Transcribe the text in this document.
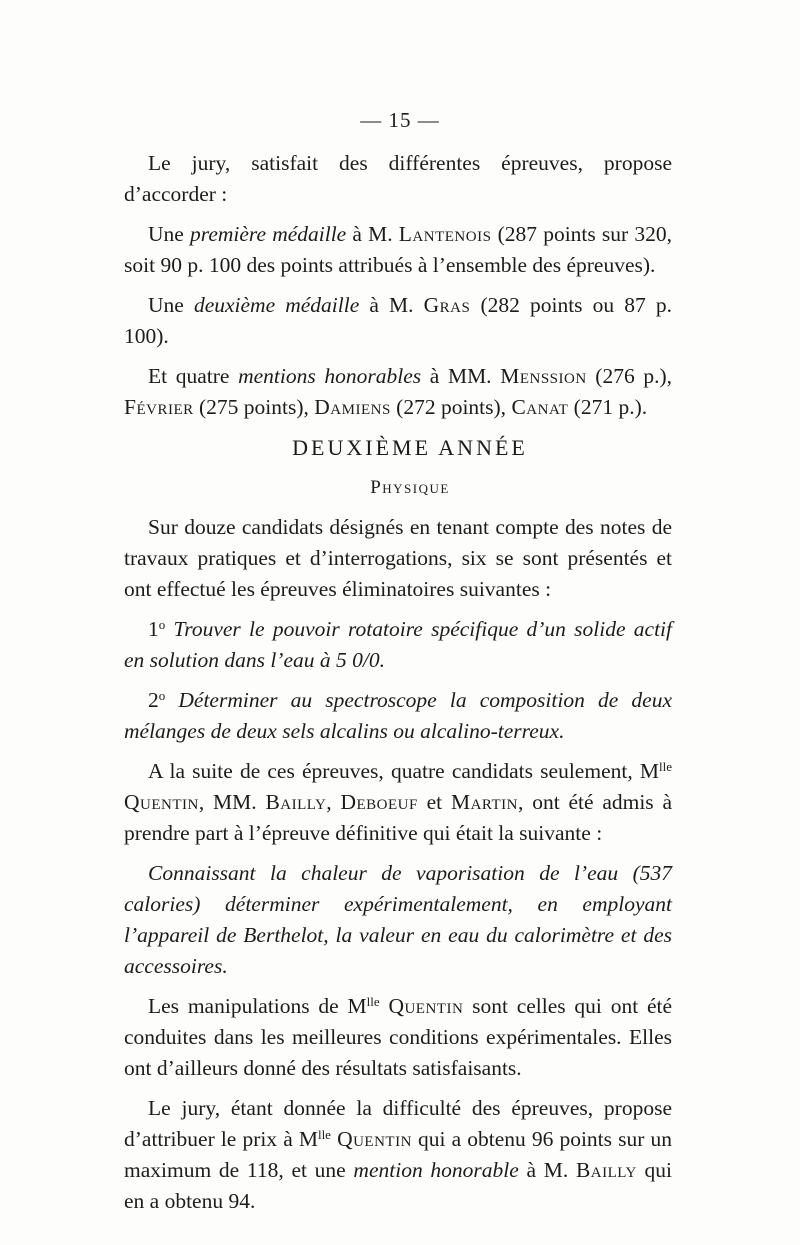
— 15 —

Le jury, satisfait des différentes épreuves, propose d’accorder :

Une première médaille à M. Lantenois (287 points sur 320, soit 90 p. 100 des points attribués à l’ensemble des épreuves).

Une deuxième médaille à M. Gras (282 points ou 87 p. 100).

Et quatre mentions honorables à MM. Menssion (276 p.), Février (275 points), Damiens (272 points), Canat (271 p.).

DEUXIÈME ANNÉE

Physique

Sur douze candidats désignés en tenant compte des notes de travaux pratiques et d’interrogations, six se sont présentés et ont effectué les épreuves éliminatoires suivantes :

1$^o$ Trouver le pouvoir rotatoire spécifique d’un solide actif en solution dans l’eau à 5 0/0.

2$^o$ Déterminer au spectroscope la composition de deux mélanges de deux sels alcalins ou alcalino-terreux.

A la suite de ces épreuves, quatre candidats seulement, $M^{lle}$ Quentin, MM. Bailly, Deboeuf et Martin, ont été admis à prendre part à l’épreuve définitive qui était la suivante :

Connaissant la chaleur de vaporisation de l’eau (537 calories) déterminer expérimentalement, en employant l’appareil de Berthelot, la valeur en eau du calorimètre et des accessoires.

Les manipulations de $M^{lle}$ Quentin sont celles qui ont été conduites dans les meilleures conditions expérimentales. Elles ont d’ailleurs donné des résultats satisfaisants.

Le jury, étant donnée la difficulté des épreuves, propose d’attribuer le prix à $M^{lle}$ Quentin qui a obtenu 96 points sur un maximum de 118, et une mention honorable à M. Bailly qui en a obtenu 94.
